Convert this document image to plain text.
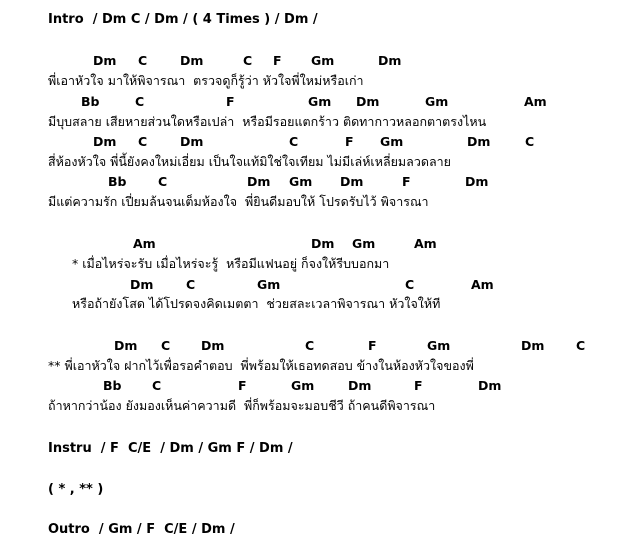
Intro  / Dm C / Dm / ( 4 Times ) / Dm /
Dm C	Dm	C F Gm	Dm
พี่เอาหัวใจ มาให้พิจารณา  ตรวจดูก็รู้ว่า หัวใจพี่ใหม่หรือเก่า
Bb	C	F	Gm Dm	Gm	Am
มีบุบสลาย เสียหายส่วนใดหรือเปล่า  หรือมีรอยแตกร้าว ติดทากาวหลอกตาตรงไหน
Dm C	Dm	C	F Gm	Dm	C
สี่ห้องหัวใจ พี่นี้ยังคงใหม่เอี่ยม เป็นใจแท้มิใช่ใจเทียม ไม่มีเล่ห์เหลี่ยมลวดลาย
Bb	C	Dm Gm Dm	F	Dm
มีแต่ความรัก เปี่ยมล้นจนเต็มห้องใจ  พี่ยินดีมอบให้ โปรดรับไว้ พิจารณา
Am	Dm Gm	Am
* เมื่อไหร่จะรับ เมื่อไหร่จะรู้  หรือมีแฟนอยู่ ก็จงให้รีบบอกมา
Dm	C	Gm	C	Am
หรือถ้ายังโสด ได้โปรดจงคิดเมตตา  ช่วยสละเวลาพิจารณา หัวใจให้ที
Dm C Dm	C	F	Gm	Dm	C
** พี่เอาหัวใจ ฝากไว้เพื่อรอคำตอบ  พี่พร้อมให้เธอทดสอบ ข้างในห้องหัวใจของพี่
Bb C	F	Gm	Dm	F	Dm
ถ้าหากว่าน้อง ยังมองเห็นค่าความดี  พี่ก็พร้อมจะมอบชีวี ถ้าคนดีพิจารณา
Instru  / F  C/E  / Dm / Gm F / Dm /
( * , ** )
Outro  / Gm / F  C/E / Dm /
